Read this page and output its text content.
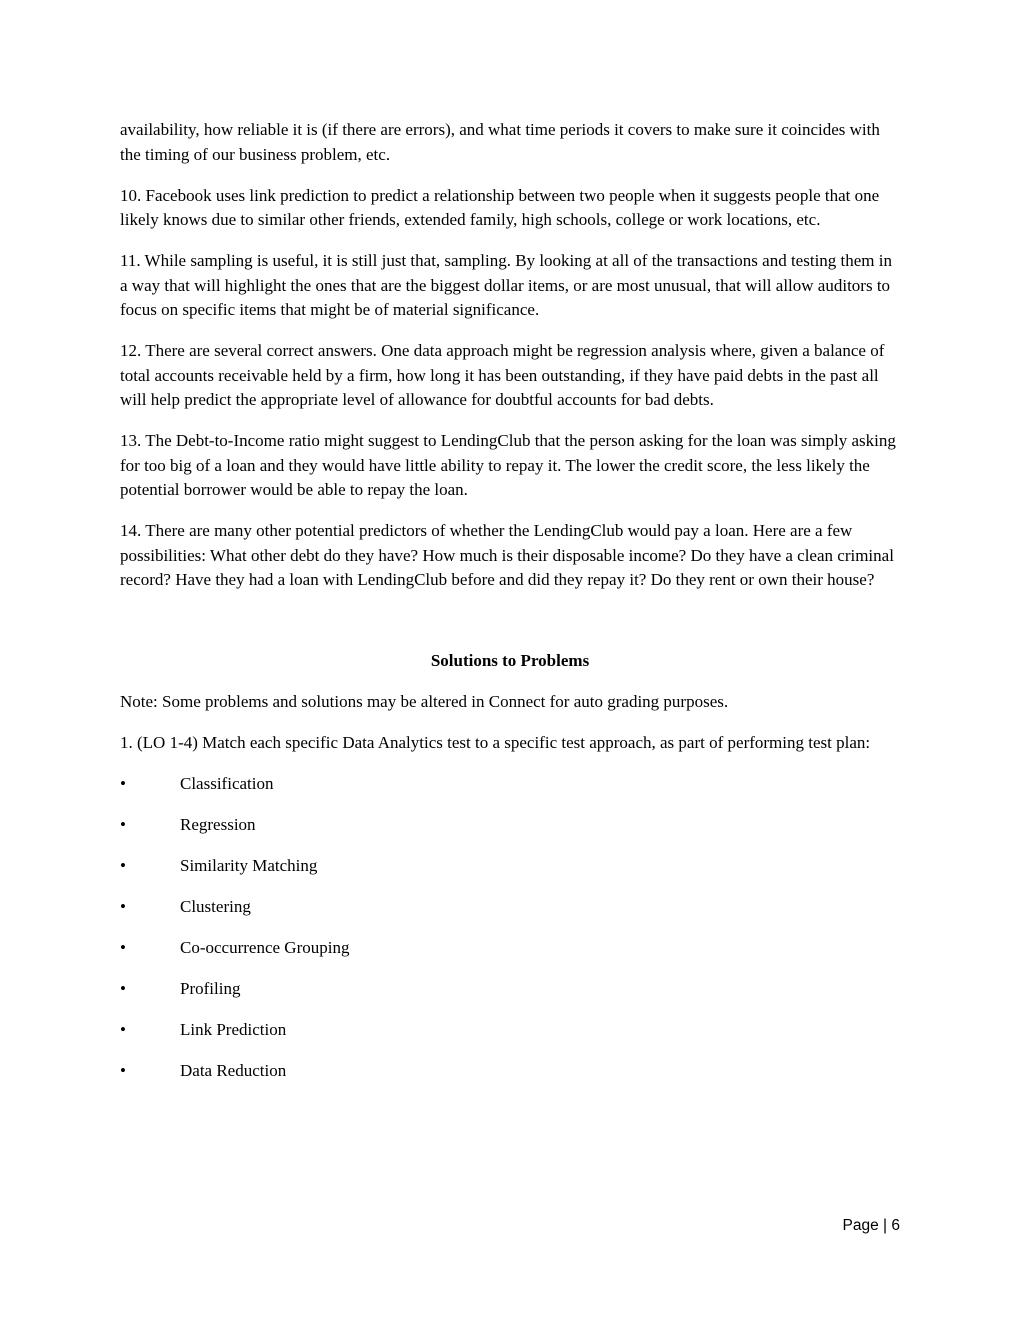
availability, how reliable it is (if there are errors), and what time periods it covers to make sure it coincides with the timing of our business problem, etc.

10. Facebook uses link prediction to predict a relationship between two people when it suggests people that one likely knows due to similar other friends, extended family, high schools, college or work locations, etc.

11. While sampling is useful, it is still just that, sampling. By looking at all of the transactions and testing them in a way that will highlight the ones that are the biggest dollar items, or are most unusual, that will allow auditors to focus on specific items that might be of material significance.

12. There are several correct answers. One data approach might be regression analysis where, given a balance of total accounts receivable held by a firm, how long it has been outstanding, if they have paid debts in the past all will help predict the appropriate level of allowance for doubtful accounts for bad debts.

13. The Debt-to-Income ratio might suggest to LendingClub that the person asking for the loan was simply asking for too big of a loan and they would have little ability to repay it. The lower the credit score, the less likely the potential borrower would be able to repay the loan.

14. There are many other potential predictors of whether the LendingClub would pay a loan. Here are a few possibilities: What other debt do they have? How much is their disposable income? Do they have a clean criminal record? Have they had a loan with LendingClub before and did they repay it? Do they rent or own their house?

Solutions to Problems

Note: Some problems and solutions may be altered in Connect for auto grading purposes.

1. (LO 1-4) Match each specific Data Analytics test to a specific test approach, as part of performing test plan:

•	Classification
•	Regression
•	Similarity Matching
•	Clustering
•	Co-occurrence Grouping
•	Profiling
•	Link Prediction
•	Data Reduction
Page | 6
